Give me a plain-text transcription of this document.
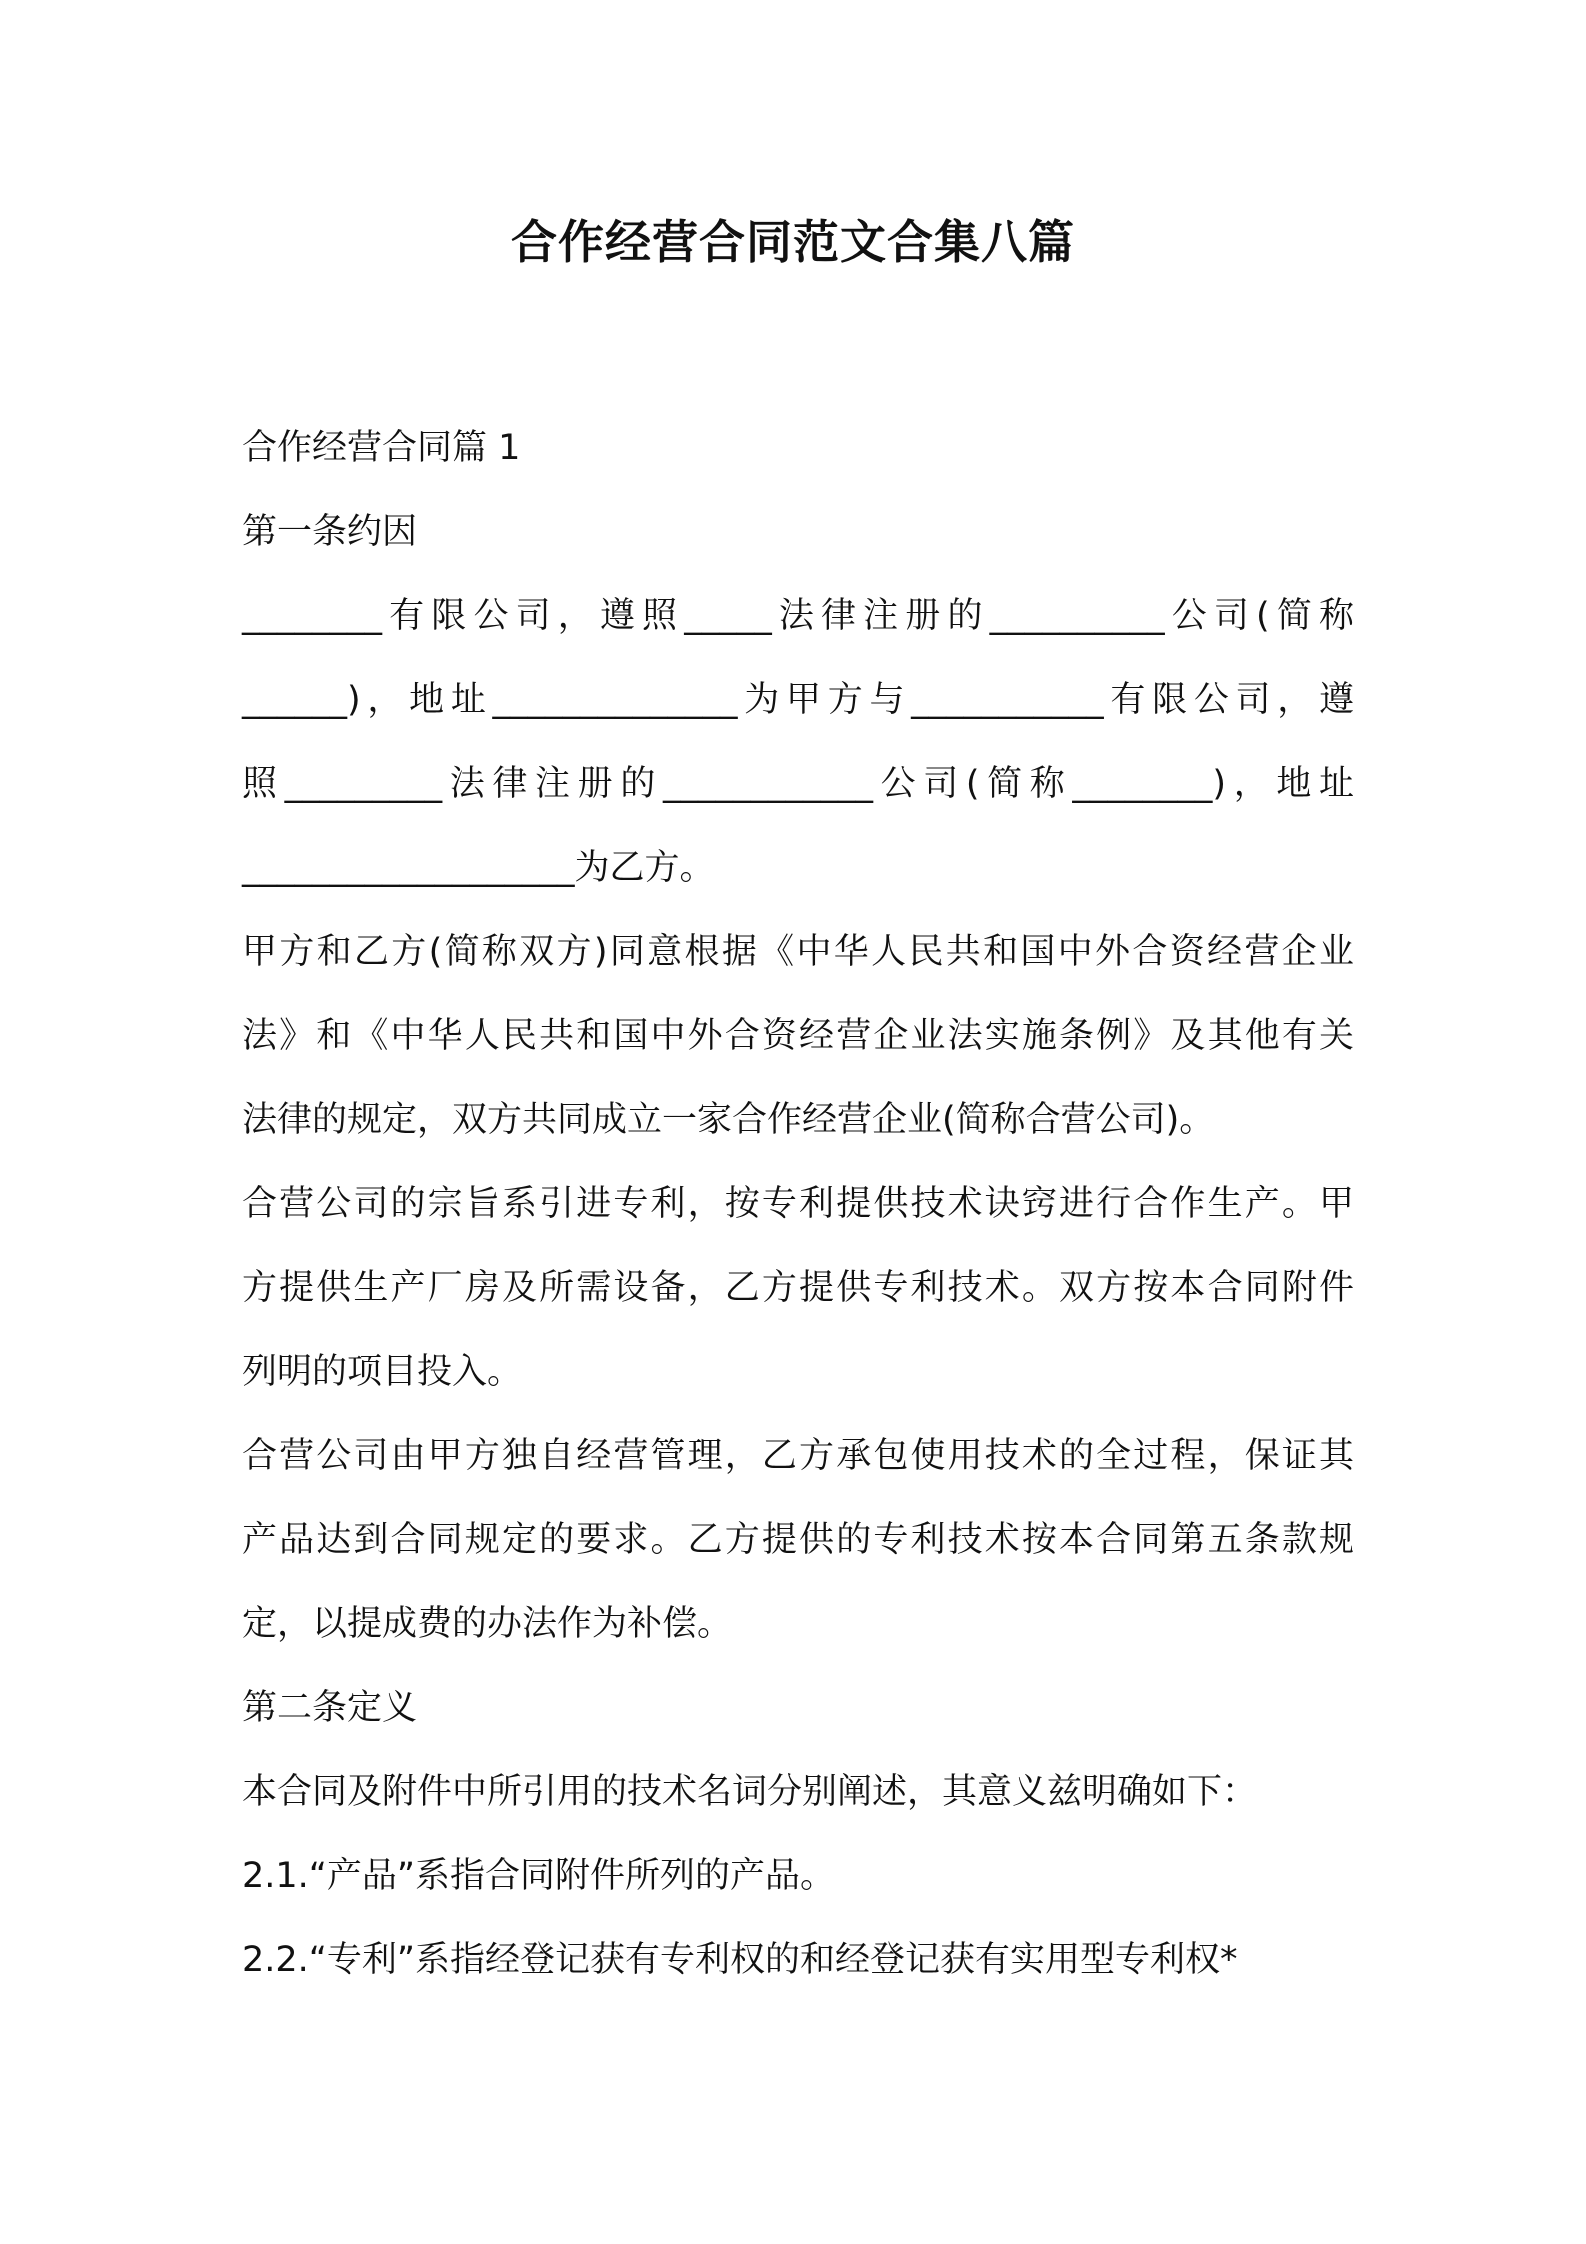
合作经营合同范文合集八篇
合作经营合同篇 1
第一条约因
________有限公司，遵照_____法律注册的__________公司(简称
______)，地址______________为甲方与___________有限公司，遵
照_________法律注册的____________公司(简称________)，地址
___________________为乙方。
甲方和乙方(简称双方)同意根据《中华人民共和国中外合资经营企业
法》和《中华人民共和国中外合资经营企业法实施条例》及其他有关
法律的规定，双方共同成立一家合作经营企业(简称合营公司)。
合营公司的宗旨系引进专利，按专利提供技术诀窍进行合作生产。甲
方提供生产厂房及所需设备，乙方提供专利技术。双方按本合同附件
列明的项目投入。
合营公司由甲方独自经营管理，乙方承包使用技术的全过程，保证其
产品达到合同规定的要求。乙方提供的专利技术按本合同第五条款规
定，以提成费的办法作为补偿。
第二条定义
本合同及附件中所引用的技术名词分别阐述，其意义兹明确如下：
2.1.“产品”系指合同附件所列的产品。
2.2.“专利”系指经登记获有专利权的和经登记获有实用型专利权*
